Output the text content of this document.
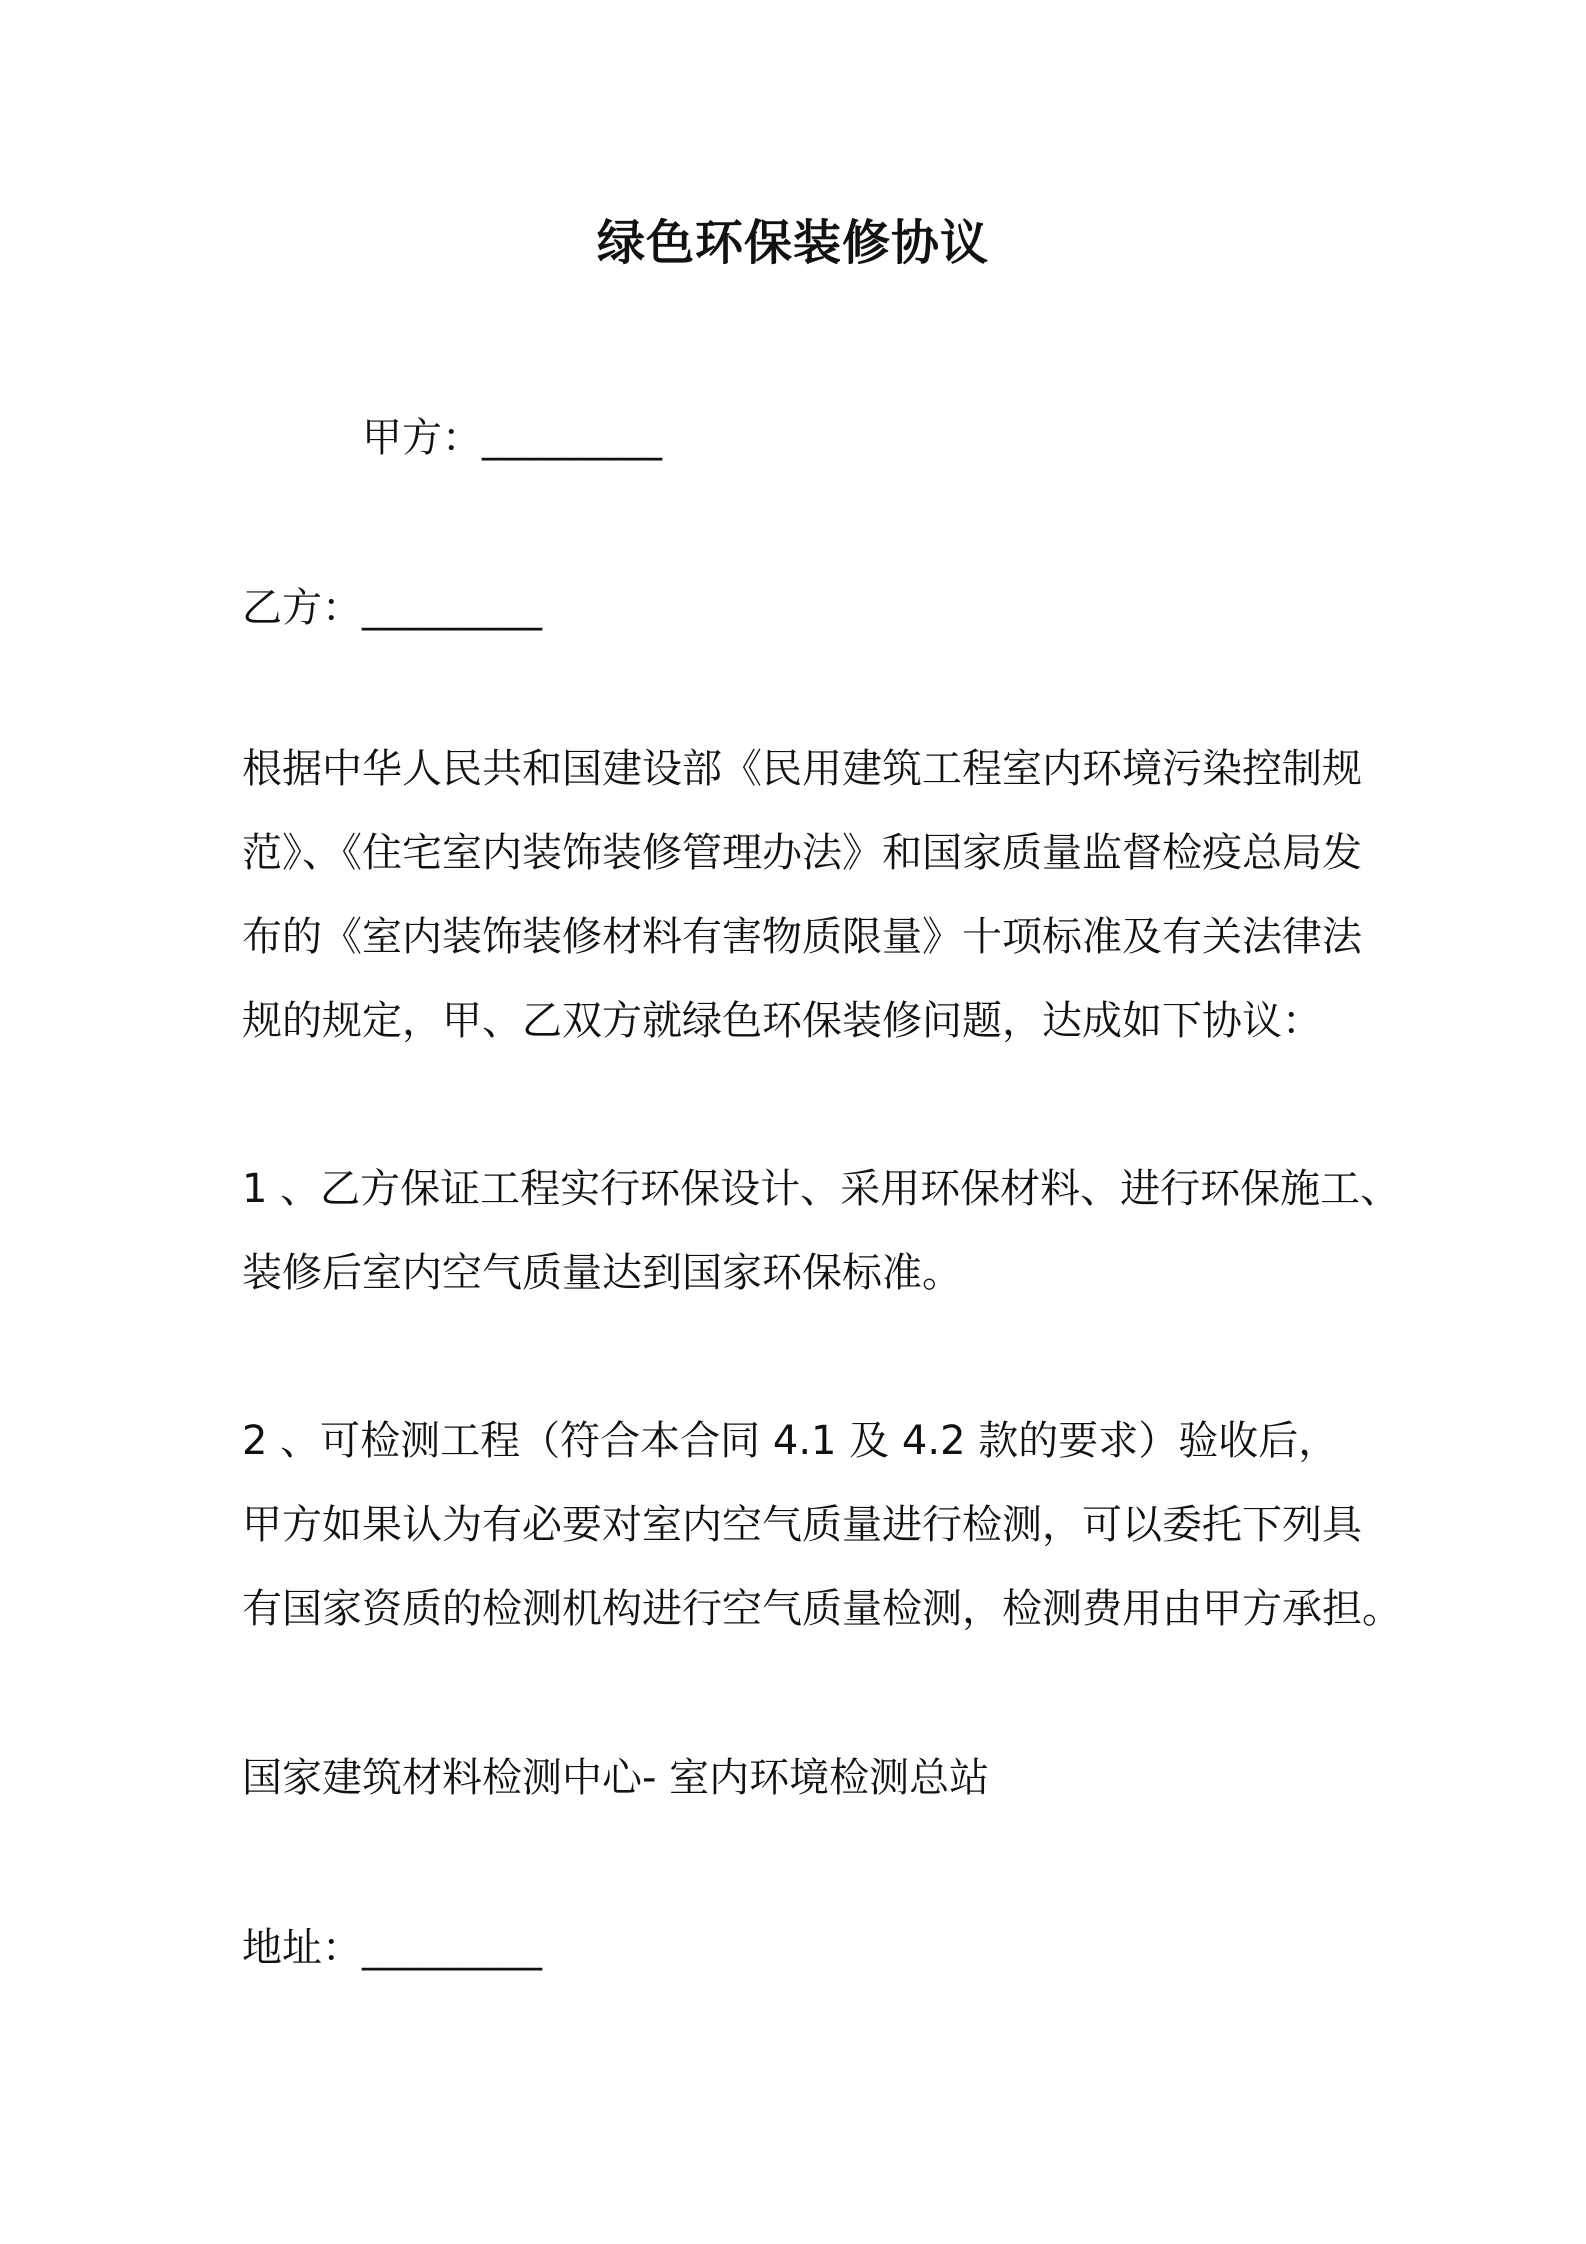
绿色环保装修协议
甲方：_________
乙方：_________
根据中华人民共和国建设部《民用建筑工程室内环境污染控制规
范》、《住宅室内装饰装修管理办法》和国家质量监督检疫总局发
布的《室内装饰装修材料有害物质限量》十项标准及有关法律法
规的规定，甲、乙双方就绿色环保装修问题，达成如下协议：
1 、乙方保证工程实行环保设计、采用环保材料、进行环保施工、
装修后室内空气质量达到国家环保标准。
2 、可检测工程（符合本合同 4.1 及 4.2 款的要求）验收后，
甲方如果认为有必要对室内空气质量进行检测，可以委托下列具
有国家资质的检测机构进行空气质量检测，检测费用由甲方承担。
国家建筑材料检测中心- 室内环境检测总站
地址：_________
